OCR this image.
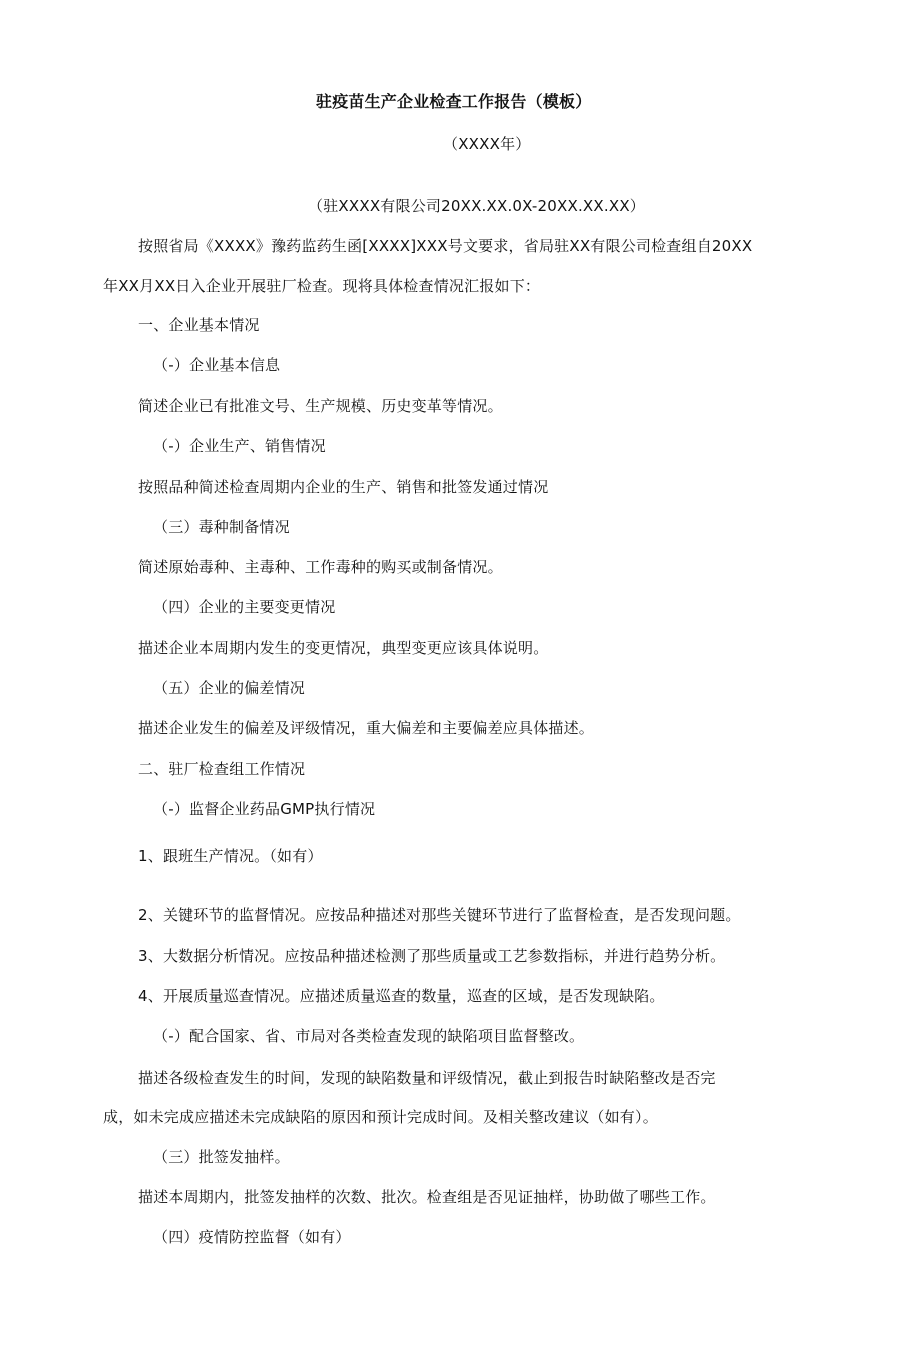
驻疫苗生产企业检查工作报告（模板）
（XXXX年）
（驻XXXX有限公司20XX.XX.0X-20XX.XX.XX）
按照省局《XXXX》豫药监药生函[XXXX]XXX号文要求，省局驻XX有限公司检查组自20XX
年XX月XX日入企业开展驻厂检查。现将具体检查情况汇报如下：
一、企业基本情况
（-）企业基本信息
简述企业已有批准文号、生产规模、历史变革等情况。
（-）企业生产、销售情况
按照品种简述检查周期内企业的生产、销售和批签发通过情况
（三）毒种制备情况
简述原始毒种、主毒种、工作毒种的购买或制备情况。
（四）企业的主要变更情况
描述企业本周期内发生的变更情况，典型变更应该具体说明。
（五）企业的偏差情况
描述企业发生的偏差及评级情况，重大偏差和主要偏差应具体描述。
二、驻厂检查组工作情况
（-）监督企业药品GMP执行情况
1、跟班生产情况。（如有）
2、关键环节的监督情况。应按品种描述对那些关键环节进行了监督检查，是否发现问题。
3、大数据分析情况。应按品种描述检测了那些质量或工艺参数指标，并进行趋势分析。
4、开展质量巡查情况。应描述质量巡查的数量，巡查的区域，是否发现缺陷。
（-）配合国家、省、市局对各类检查发现的缺陷项目监督整改。
描述各级检查发生的时间，发现的缺陷数量和评级情况，截止到报告时缺陷整改是否完
成，如未完成应描述未完成缺陷的原因和预计完成时间。及相关整改建议（如有）。
（三）批签发抽样。
描述本周期内，批签发抽样的次数、批次。检查组是否见证抽样，协助做了哪些工作。
（四）疫情防控监督（如有）
